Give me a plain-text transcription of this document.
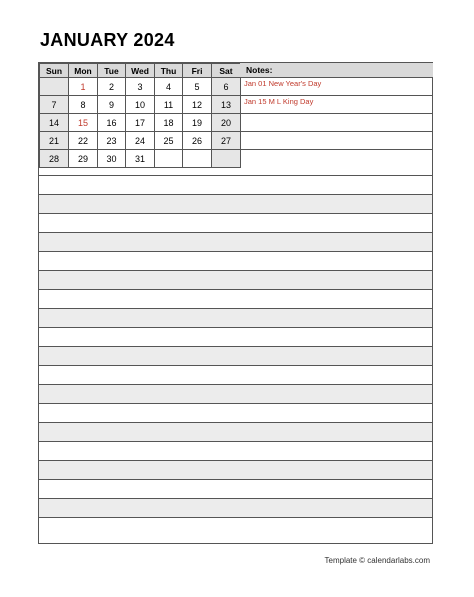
JANUARY 2024
Sun	Mon	Tue	Wed	Thu	Fri	Sat
	1	2	3	4	5	6
7	8	9	10	11	12	13
14	15	16	17	18	19	20
21	22	23	24	25	26	27
28	29	30	31			
Notes:
Jan 01 New Year's Day
Jan 15 M L King Day
Template © calendarlabs.com
